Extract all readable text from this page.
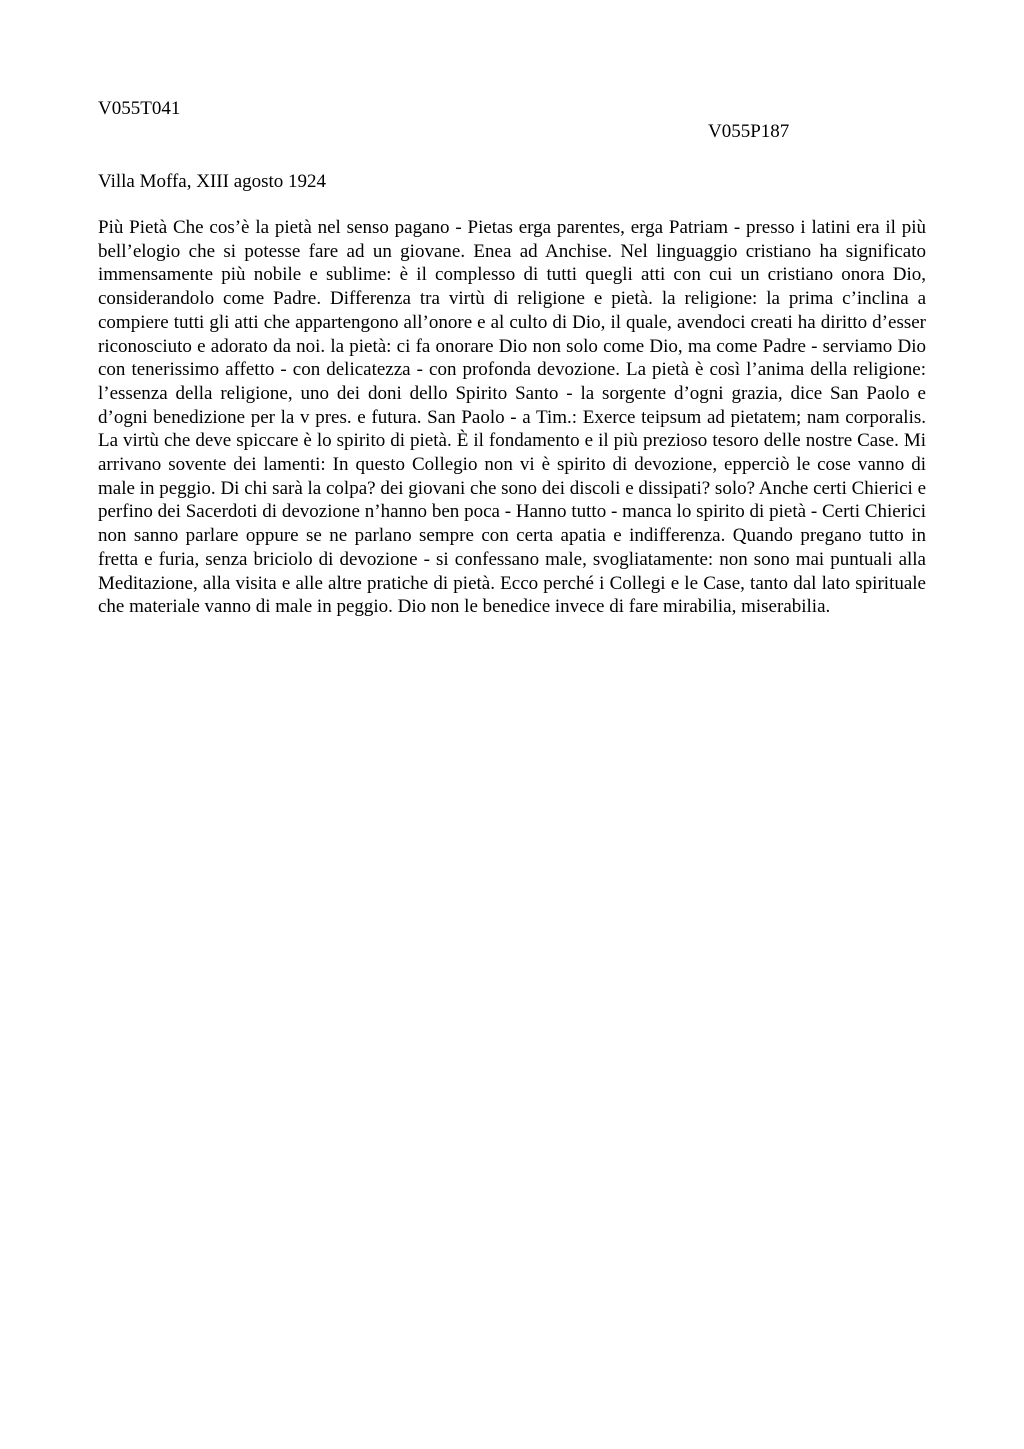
V055T041
V055P187
Villa Moffa, XIII agosto 1924

Più Pietà Che cos’è la pietà nel senso pagano - Pietas erga parentes, erga Patriam - presso i latini era il più bell’elogio che si potesse fare ad un giovane. Enea ad Anchise. Nel linguaggio cristiano ha significato immensamente più nobile e sublime: è il complesso di tutti quegli atti con cui un cristiano onora Dio, considerandolo come Padre. Differenza tra virtù di religione e pietà. la religione: la prima c’inclina a compiere tutti gli atti che appartengono all’onore e al culto di Dio, il quale, avendoci creati ha diritto d’esser riconosciuto e adorato da noi. la pietà: ci fa onorare Dio non solo come Dio, ma come Padre - serviamo Dio con tenerissimo affetto - con delicatezza - con profonda devozione. La pietà è così l’anima della religione: l’essenza della religione, uno dei doni dello Spirito Santo - la sorgente d’ogni grazia, dice San Paolo e d’ogni benedizione per la v pres. e futura. San Paolo - a Tim.: Exerce teipsum ad pietatem; nam corporalis. La virtù che deve spiccare è lo spirito di pietà. È il fondamento e il più prezioso tesoro delle nostre Case. Mi arrivano sovente dei lamenti: In questo Collegio non vi è spirito di devozione, epperciò le cose vanno di male in peggio. Di chi sarà la colpa? dei giovani che sono dei discoli e dissipati? solo? Anche certi Chierici e perfino dei Sacerdoti di devozione n’hanno ben poca - Hanno tutto - manca lo spirito di pietà - Certi Chierici non sanno parlare oppure se ne parlano sempre con certa apatia e indifferenza. Quando pregano tutto in fretta e furia, senza briciolo di devozione - si confessano male, svogliatamente: non sono mai puntuali alla Meditazione, alla visita e alle altre pratiche di pietà. Ecco perché i Collegi e le Case, tanto dal lato spirituale che materiale vanno di male in peggio. Dio non le benedice invece di fare mirabilia, miserabilia.
